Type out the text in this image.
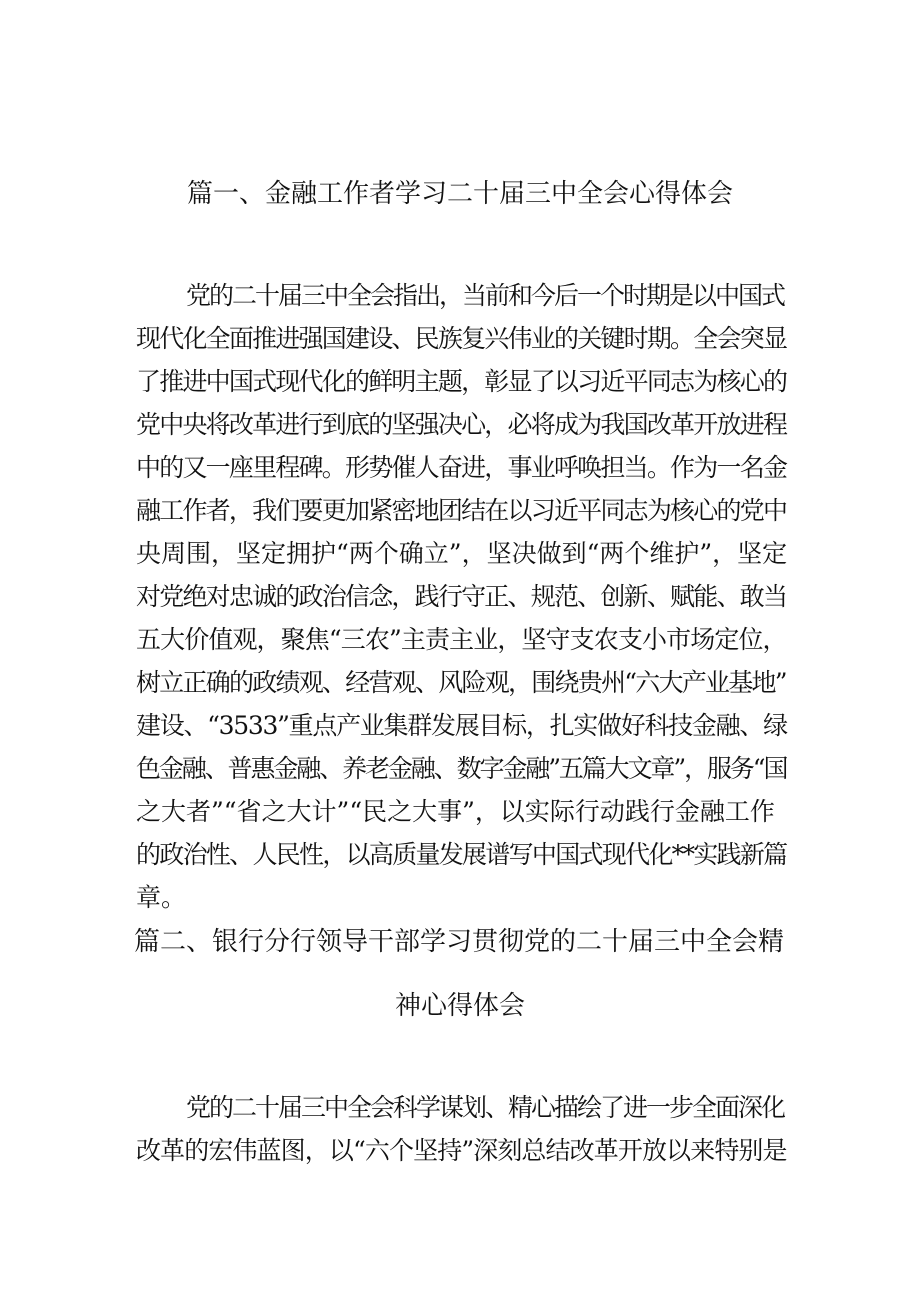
篇一、金融工作者学习二十届三中全会心得体会
党的二十届三中全会指出，当前和今后一个时期是以中国式
现代化全面推进强国建设、民族复兴伟业的关键时期。全会突显
了推进中国式现代化的鲜明主题，彰显了以习近平同志为核心的
党中央将改革进行到底的坚强决心，必将成为我国改革开放进程
中的又一座里程碑。形势催人奋进，事业呼唤担当。作为一名金
融工作者，我们要更加紧密地团结在以习近平同志为核心的党中
央周围，坚定拥护“两个确立”，坚决做到“两个维护”，坚定
对党绝对忠诚的政治信念，践行守正、规范、创新、赋能、敢当
五大价值观，聚焦“三农”主责主业，坚守支农支小市场定位，
树立正确的政绩观、经营观、风险观，围绕贵州“六大产业基地”
建设、“3533”重点产业集群发展目标，扎实做好科技金融、绿
色金融、普惠金融、养老金融、数字金融”五篇大文章”，服务“国
之大者”“省之大计”“民之大事”，以实际行动践行金融工作
的政治性、人民性，以高质量发展谱写中国式现代化**实践新篇
章。
篇二、银行分行领导干部学习贯彻党的二十届三中全会精
神心得体会
党的二十届三中全会科学谋划、精心描绘了进一步全面深化
改革的宏伟蓝图，以“六个坚持”深刻总结改革开放以来特别是
